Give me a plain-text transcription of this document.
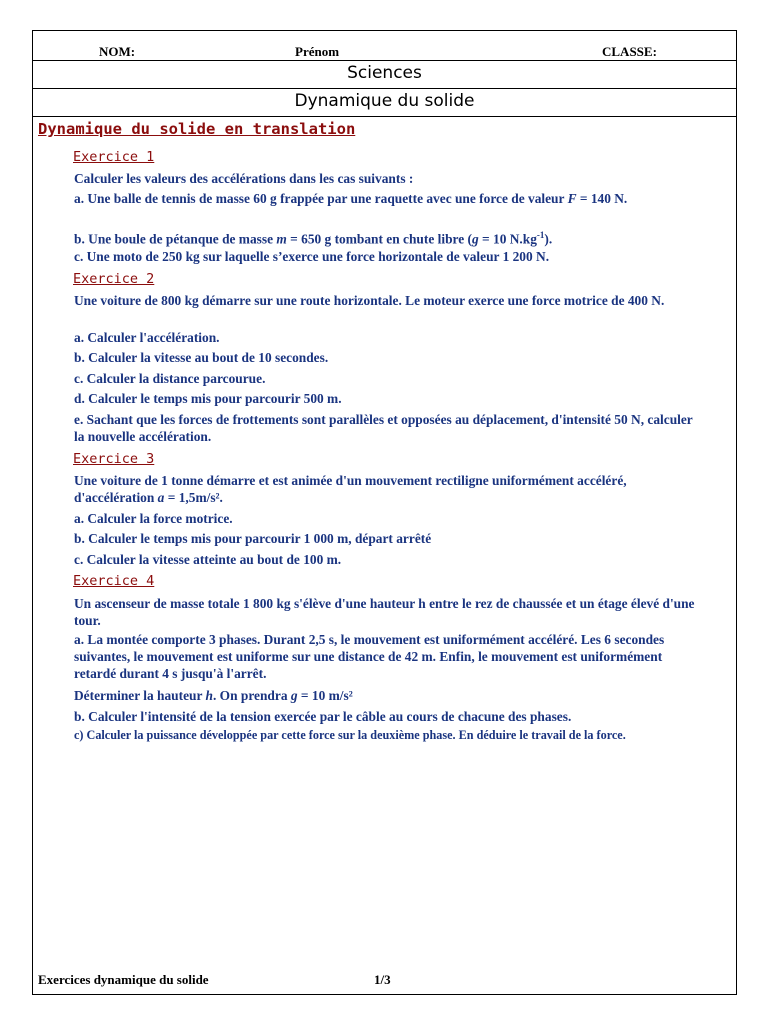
NOM:	Prénom	CLASSE:
Sciences
Dynamique du solide
Dynamique du solide en translation
Exercice 1
Calculer les valeurs des accélérations dans les cas suivants :
a. Une balle de tennis de masse 60 g frappée par une raquette avec une force de valeur F = 140 N.
b. Une boule de pétanque de masse m = 650 g tombant en chute libre (g = 10 $N.kg^{-1}$).
c. Une moto de 250 kg sur laquelle s’exerce une force horizontale de valeur 1 200 N.
Exercice 2
Une voiture de 800 kg démarre sur une route horizontale. Le moteur exerce une force motrice de 400 N.
a. Calculer l'accélération.
b. Calculer la vitesse au bout de 10 secondes.
c. Calculer la distance parcourue.
d. Calculer le temps mis pour parcourir 500 m.
e. Sachant que les forces de frottements sont parallèles et opposées au déplacement, d'intensité 50 N, calculer la nouvelle accélération.
Exercice 3
Une voiture de 1 tonne démarre et est animée d'un mouvement rectiligne uniformément accéléré, d'accélération a = 1,5m/s².
a. Calculer la force motrice.
b. Calculer le temps mis pour parcourir 1 000 m, départ arrêté
c. Calculer la vitesse atteinte au bout de 100 m.
Exercice 4
Un ascenseur de masse totale 1 800 kg s'élève d'une hauteur h entre le rez de chaussée et un étage élevé d'une tour.
a. La montée comporte 3 phases. Durant 2,5 s, le mouvement est uniformément accéléré. Les 6 secondes suivantes, le mouvement est uniforme sur une distance de 42 m. Enfin, le mouvement est uniformément retardé durant 4 s jusqu'à l'arrêt.
Déterminer la hauteur h. On prendra g = 10 m/s²
b. Calculer l'intensité de la tension exercée par le câble au cours de chacune des phases.
c) Calculer la puissance développée par cette force sur la deuxième phase. En déduire le travail de la force.
Exercices dynamique du solide	1/3
